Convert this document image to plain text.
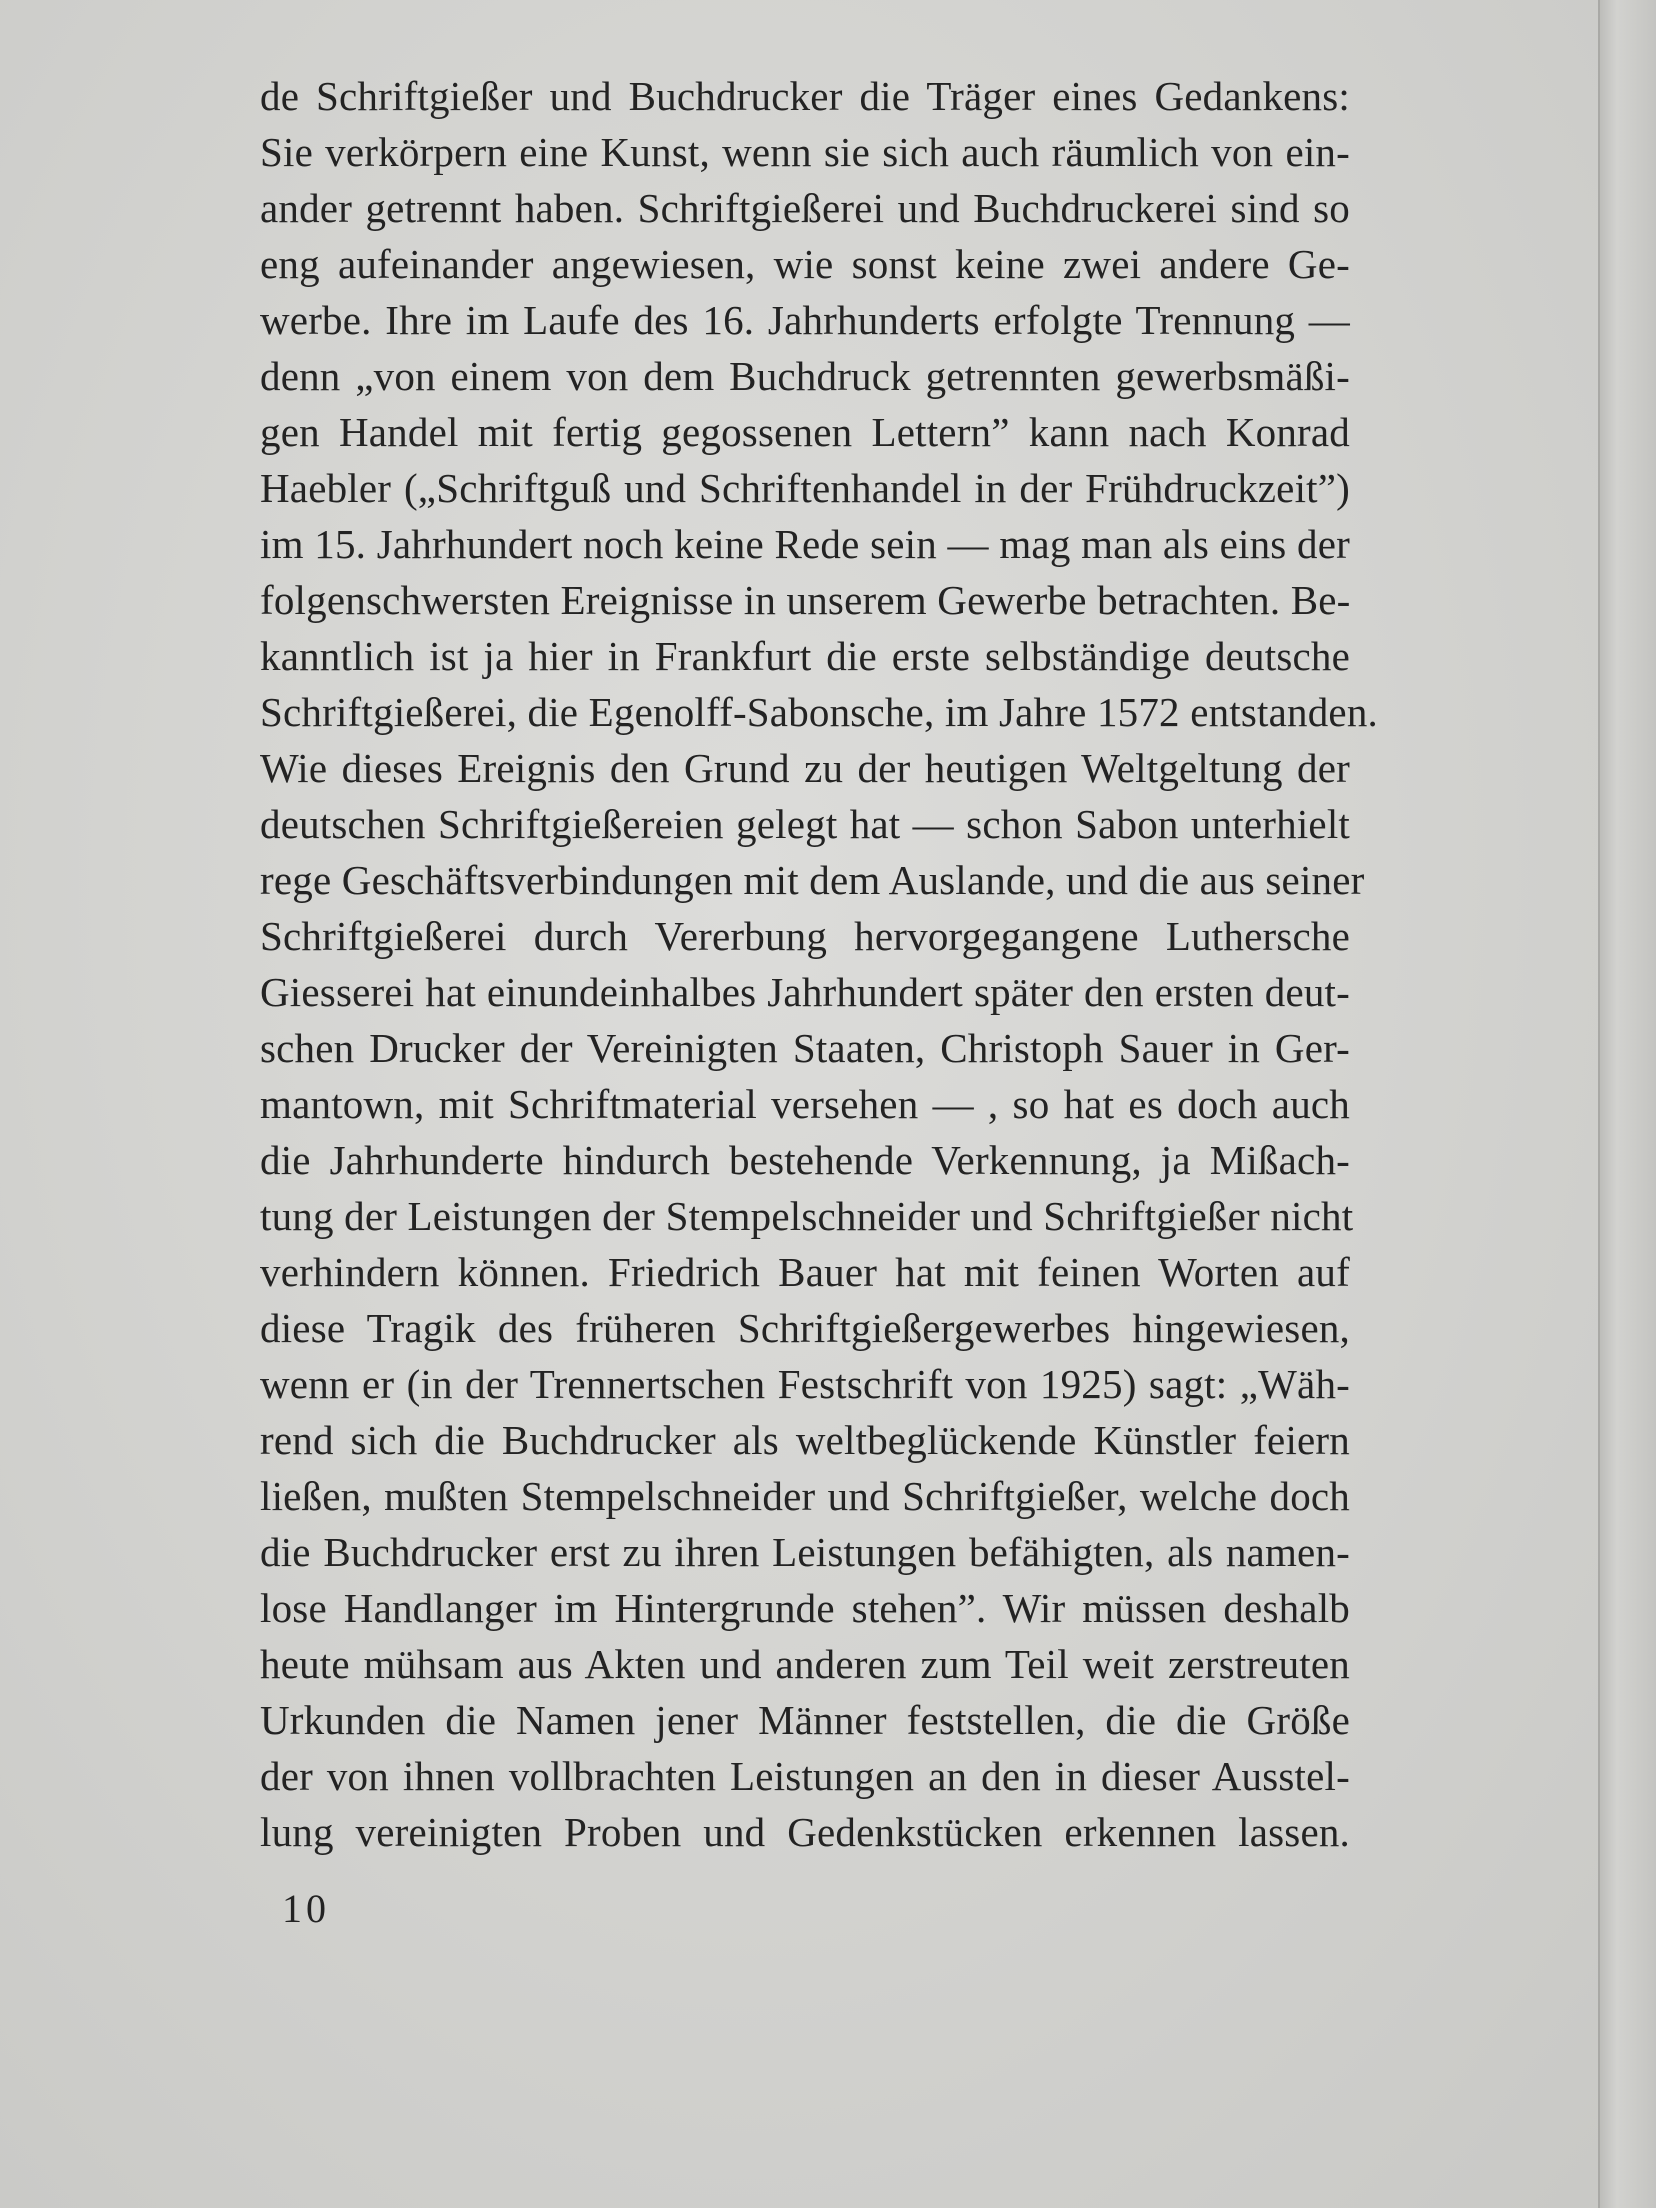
de Schriftgießer und Buchdrucker die Träger eines Gedankens:
Sie verkörpern eine Kunst, wenn sie sich auch räumlich von ein-
ander getrennt haben. Schriftgießerei und Buchdruckerei sind so
eng aufeinander angewiesen, wie sonst keine zwei andere Ge-
werbe. Ihre im Laufe des 16. Jahrhunderts erfolgte Trennung —
denn „von einem von dem Buchdruck getrennten gewerbsmäßi-
gen Handel mit fertig gegossenen Lettern” kann nach Konrad
Haebler („Schriftguß und Schriftenhandel in der Frühdruckzeit”)
im 15. Jahrhundert noch keine Rede sein — mag man als eins der
folgenschwersten Ereignisse in unserem Gewerbe betrachten. Be-
kanntlich ist ja hier in Frankfurt die erste selbständige deutsche
Schriftgießerei, die Egenolff-Sabonsche, im Jahre 1572 entstanden.
Wie dieses Ereignis den Grund zu der heutigen Weltgeltung der
deutschen Schriftgießereien gelegt hat — schon Sabon unterhielt
rege Geschäftsverbindungen mit dem Auslande, und die aus seiner
Schriftgießerei durch Vererbung hervorgegangene Luthersche
Giesserei hat einundeinhalbes Jahrhundert später den ersten deut-
schen Drucker der Vereinigten Staaten, Christoph Sauer in Ger-
mantown, mit Schriftmaterial versehen — , so hat es doch auch
die Jahrhunderte hindurch bestehende Verkennung, ja Mißach-
tung der Leistungen der Stempelschneider und Schriftgießer nicht
verhindern können. Friedrich Bauer hat mit feinen Worten auf
diese Tragik des früheren Schriftgießergewerbes hingewiesen,
wenn er (in der Trennertschen Festschrift von 1925) sagt: „Wäh-
rend sich die Buchdrucker als weltbeglückende Künstler feiern
ließen, mußten Stempelschneider und Schriftgießer, welche doch
die Buchdrucker erst zu ihren Leistungen befähigten, als namen-
lose Handlanger im Hintergrunde stehen”. Wir müssen deshalb
heute mühsam aus Akten und anderen zum Teil weit zerstreuten
Urkunden die Namen jener Männer feststellen, die die Größe
der von ihnen vollbrachten Leistungen an den in dieser Ausstel-
lung vereinigten Proben und Gedenkstücken erkennen lassen.
10
